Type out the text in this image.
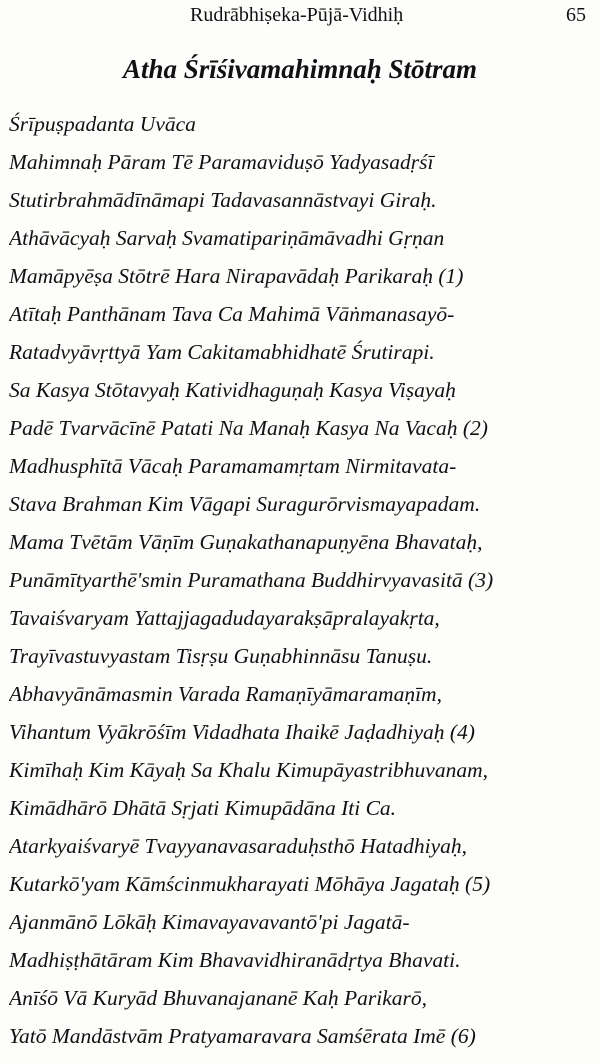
Rudrābhiṣeka-Pūjā-Vidhiḥ	65
Atha Śrīśivamahimnaḥ Stōtram
Śrīpuṣpadanta Uvāca
Mahimnaḥ Pāram Tē Paramaviduṣō Yadyasadṛśī
Stutirbrahmādīnāmapi Tadavasannāstvayi Giraḥ.
Athāvācyaḥ Sarvaḥ Svamatipariṇāmāvadhi Gṛṇan
Mamāpyēṣa Stōtrē Hara Nirapavādaḥ Parikaraḥ (1)
Atītaḥ Panthānam Tava Ca Mahimā Vāṅmanasayō-
Ratadvyāvṛttyā Yam Cakitamabhidhatē Śrutirapi.
Sa Kasya Stōtavyaḥ Katividhaguṇaḥ Kasya Viṣayaḥ
Padē Tvarvācīnē Patati Na Manaḥ Kasya Na Vacaḥ (2)
Madhusphītā Vācaḥ Paramamamṛtam Nirmitavata-
Stava Brahman Kim Vāgapi Suragurōrvismayapadam.
Mama Tvētām Vāṇīm Guṇakathanapuṇyēna Bhavataḥ,
Punāmītyarthē'smin Puramathana Buddhirvyavasitā (3)
Tavaiśvaryam Yattajjagadudayarakṣāpralayakṛta,
Trayīvastuvyastam Tisṛṣu Guṇabhinnāsu Tanuṣu.
Abhavyānāmasmin Varada Ramaṇīyāmaramaṇīm,
Vihantum Vyākrōśīm Vidadhata Ihaikē Jaḍadhiyaḥ (4)
Kimīhaḥ Kim Kāyaḥ Sa Khalu Kimupāyastribhuvanam,
Kimādhārō Dhātā Sṛjati Kimupādāna Iti Ca.
Atarkyaiśvaryē Tvayyanavasaraduḥsthō Hatadhiyaḥ,
Kutarkō'yam Kāmścinmukharayati Mōhāya Jagataḥ (5)
Ajanmānō Lōkāḥ Kimavayavavantō'pi Jagatā-
Madhiṣṭhātāram Kim Bhavavidhiranādṛtya Bhavati.
Anīśō Vā Kuryād Bhuvanajananē Kaḥ Parikarō,
Yatō Mandāstvām Pratyamaravara Samśērata Imē (6)
